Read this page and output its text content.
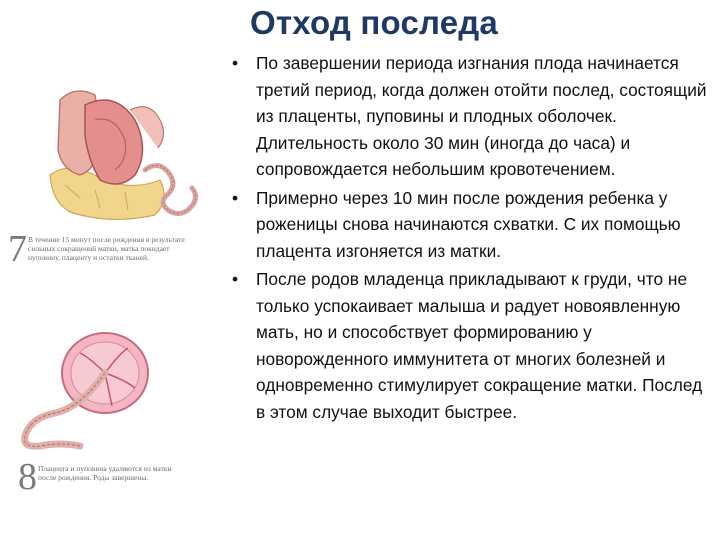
Отход последа
• По завершении периода изгнания плода начинается третий период, когда должен отойти послед, состоящий из плаценты, пуповины и плодных оболочек. Длительность около 30 мин (иногда до часа) и сопровождается небольшим кровотечением.
• Примерно через 10 мин после рождения ребенка у роженицы снова начинаются схватки. С их помощью плацента изгоняется из матки.
• После родов младенца прикладывают к груди, что не только успокаивает малыша и радует новоявленную мать, но и способствует формированию у новорожденного иммунитета от многих болезней и одновременно стимулирует сокращение матки. Послед в этом случае выходит быстрее.
7 В течение 15 минут после рождения в результате сильных сокращений матки, матка покидает пуповину, плаценту и остатки тканей.
8 Плацента и пуповина удаляются из матки после рождения. Роды завершены.
